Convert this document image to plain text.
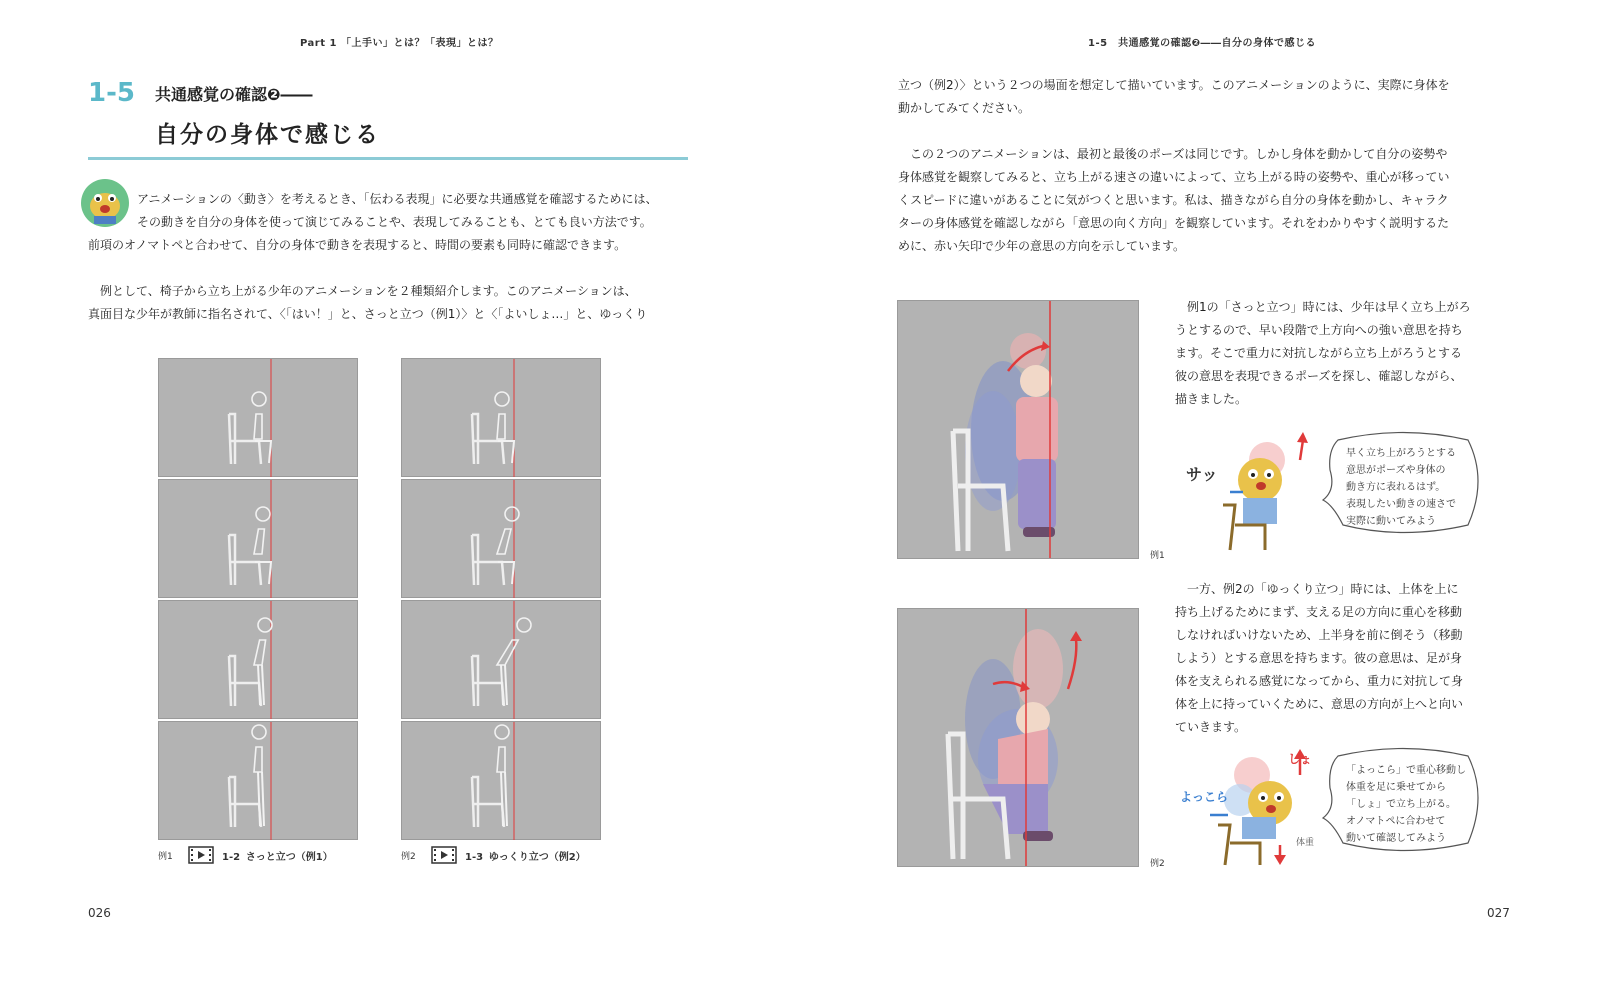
Part 1 「上手い」とは？「表現」とは？
1-5 共通感覚の確認❷――
自分の身体で感じる
アニメーションの〈動き〉を考えるとき、「伝わる表現」に必要な共通感覚を確認するためには、
その動きを自分の身体を使って演じてみることや、表現してみることも、とても良い方法です。
前項のオノマトペと合わせて、自分の身体で動きを表現すると、時間の要素も同時に確認できます。
　例として、椅子から立ち上がる少年のアニメーションを２種類紹介します。このアニメーションは、
真面目な少年が教師に指名されて、〈「はい！」と、さっと立つ（例1）〉と〈「よいしょ…」と、ゆっくり
例1	1-2 さっと立つ（例1）	例2	1-3 ゆっくり立つ（例2）
026
1-5　共通感覚の確認❷――自分の身体で感じる
立つ（例2）〉という２つの場面を想定して描いています。このアニメーションのように、実際に身体を
動かしてみてください。
　この２つのアニメーションは、最初と最後のポーズは同じです。しかし身体を動かして自分の姿勢や
身体感覚を観察してみると、立ち上がる速さの違いによって、立ち上がる時の姿勢や、重心が移ってい
くスピードに違いがあることに気がつくと思います。私は、描きながら自分の身体を動かし、キャラク
ターの身体感覚を確認しながら「意思の向く方向」を観察しています。それをわかりやすく説明するた
めに、赤い矢印で少年の意思の方向を示しています。
例1
　例1の「さっと立つ」時には、少年は早く立ち上がろ
うとするので、早い段階で上方向への強い意思を持ち
ます。そこで重力に対抗しながら立ち上がろうとする
彼の意思を表現できるポーズを探し、確認しながら、
描きました。
サッ
早く立ち上がろうとする
意思がポーズや身体の
動き方に表れるはず。
表現したい動きの速さで
実際に動いてみよう
例2
　一方、例2の「ゆっくり立つ」時には、上体を上に
持ち上げるためにまず、支える足の方向に重心を移動
しなければいけないため、上半身を前に倒そう（移動
しよう）とする意思を持ちます。彼の意思は、足が身
体を支えられる感覚になってから、重力に対抗して身
体を上に持っていくために、意思の方向が上へと向い
ていきます。
よっこら
しょ
体重
「よっこら」で重心移動し
体重を足に乗せてから
「しょ」で立ち上がる。
オノマトペに合わせて
動いて確認してみよう
027
